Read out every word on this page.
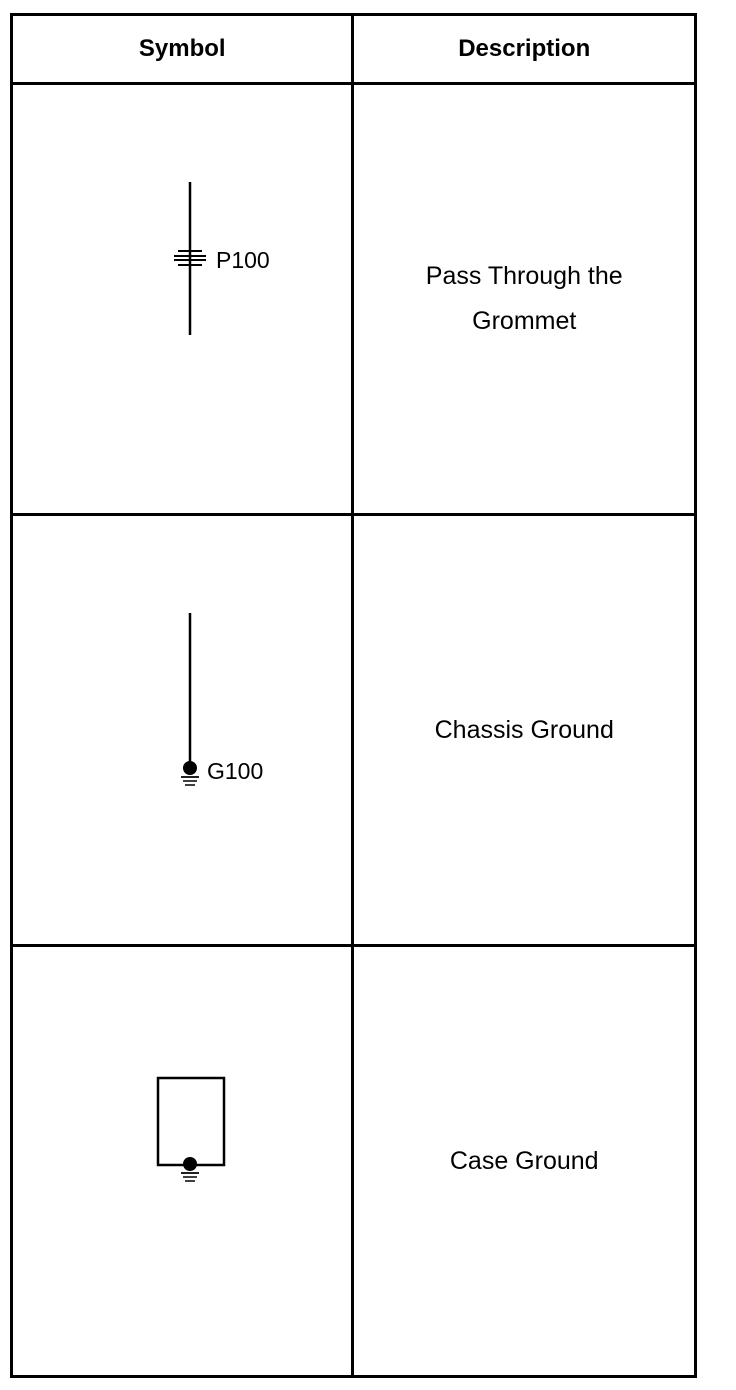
Symbol	Description

P100	Pass Through the Grommet

G100	Chassis Ground

	Case Ground
